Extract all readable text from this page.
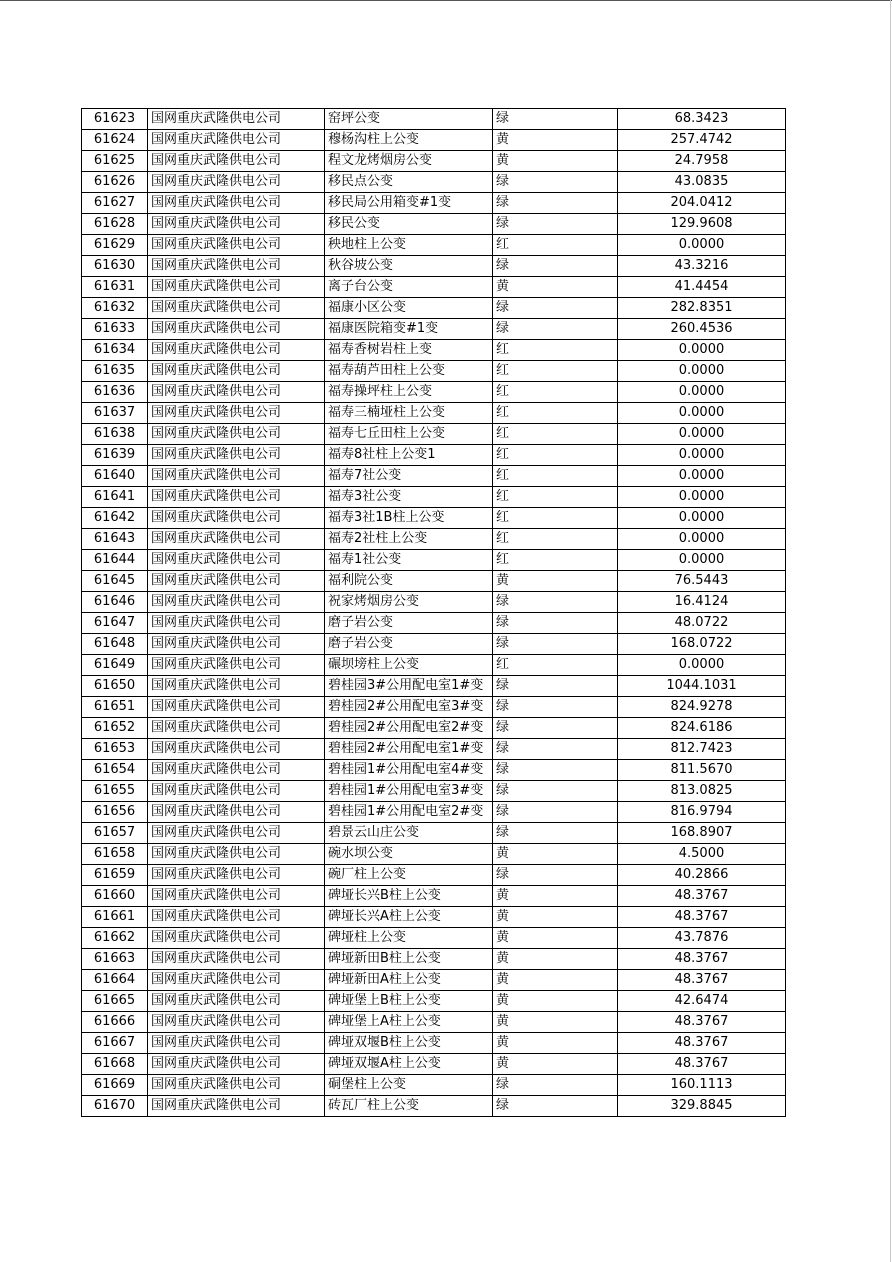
61623	国网重庆武隆供电公司	窑坪公变	绿	68.3423
61624	国网重庆武隆供电公司	穆杨沟柱上公变	黄	257.4742
61625	国网重庆武隆供电公司	程文龙烤烟房公变	黄	24.7958
61626	国网重庆武隆供电公司	移民点公变	绿	43.0835
61627	国网重庆武隆供电公司	移民局公用箱变#1变	绿	204.0412
61628	国网重庆武隆供电公司	移民公变	绿	129.9608
61629	国网重庆武隆供电公司	秧地柱上公变	红	0.0000
61630	国网重庆武隆供电公司	秋谷坡公变	绿	43.3216
61631	国网重庆武隆供电公司	离子台公变	黄	41.4454
61632	国网重庆武隆供电公司	福康小区公变	绿	282.8351
61633	国网重庆武隆供电公司	福康医院箱变#1变	绿	260.4536
61634	国网重庆武隆供电公司	福寿香树岩柱上变	红	0.0000
61635	国网重庆武隆供电公司	福寿葫芦田柱上公变	红	0.0000
61636	国网重庆武隆供电公司	福寿操坪柱上公变	红	0.0000
61637	国网重庆武隆供电公司	福寿三楠垭柱上公变	红	0.0000
61638	国网重庆武隆供电公司	福寿七丘田柱上公变	红	0.0000
61639	国网重庆武隆供电公司	福寿8社柱上公变1	红	0.0000
61640	国网重庆武隆供电公司	福寿7社公变	红	0.0000
61641	国网重庆武隆供电公司	福寿3社公变	红	0.0000
61642	国网重庆武隆供电公司	福寿3社1B柱上公变	红	0.0000
61643	国网重庆武隆供电公司	福寿2社柱上公变	红	0.0000
61644	国网重庆武隆供电公司	福寿1社公变	红	0.0000
61645	国网重庆武隆供电公司	福利院公变	黄	76.5443
61646	国网重庆武隆供电公司	祝家烤烟房公变	绿	16.4124
61647	国网重庆武隆供电公司	磨子岩公变	绿	48.0722
61648	国网重庆武隆供电公司	磨子岩公变	绿	168.0722
61649	国网重庆武隆供电公司	碾坝塝柱上公变	红	0.0000
61650	国网重庆武隆供电公司	碧桂园3#公用配电室1#变	绿	1044.1031
61651	国网重庆武隆供电公司	碧桂园2#公用配电室3#变	绿	824.9278
61652	国网重庆武隆供电公司	碧桂园2#公用配电室2#变	绿	824.6186
61653	国网重庆武隆供电公司	碧桂园2#公用配电室1#变	绿	812.7423
61654	国网重庆武隆供电公司	碧桂园1#公用配电室4#变	绿	811.5670
61655	国网重庆武隆供电公司	碧桂园1#公用配电室3#变	绿	813.0825
61656	国网重庆武隆供电公司	碧桂园1#公用配电室2#变	绿	816.9794
61657	国网重庆武隆供电公司	碧景云山庄公变	绿	168.8907
61658	国网重庆武隆供电公司	碗水坝公变	黄	4.5000
61659	国网重庆武隆供电公司	碗厂柱上公变	绿	40.2866
61660	国网重庆武隆供电公司	碑垭长兴B柱上公变	黄	48.3767
61661	国网重庆武隆供电公司	碑垭长兴A柱上公变	黄	48.3767
61662	国网重庆武隆供电公司	碑垭柱上公变	黄	43.7876
61663	国网重庆武隆供电公司	碑垭新田B柱上公变	黄	48.3767
61664	国网重庆武隆供电公司	碑垭新田A柱上公变	黄	48.3767
61665	国网重庆武隆供电公司	碑垭堡上B柱上公变	黄	42.6474
61666	国网重庆武隆供电公司	碑垭堡上A柱上公变	黄	48.3767
61667	国网重庆武隆供电公司	碑垭双堰B柱上公变	黄	48.3767
61668	国网重庆武隆供电公司	碑垭双堰A柱上公变	黄	48.3767
61669	国网重庆武隆供电公司	硐堡柱上公变	绿	160.1113
61670	国网重庆武隆供电公司	砖瓦厂柱上公变	绿	329.8845
